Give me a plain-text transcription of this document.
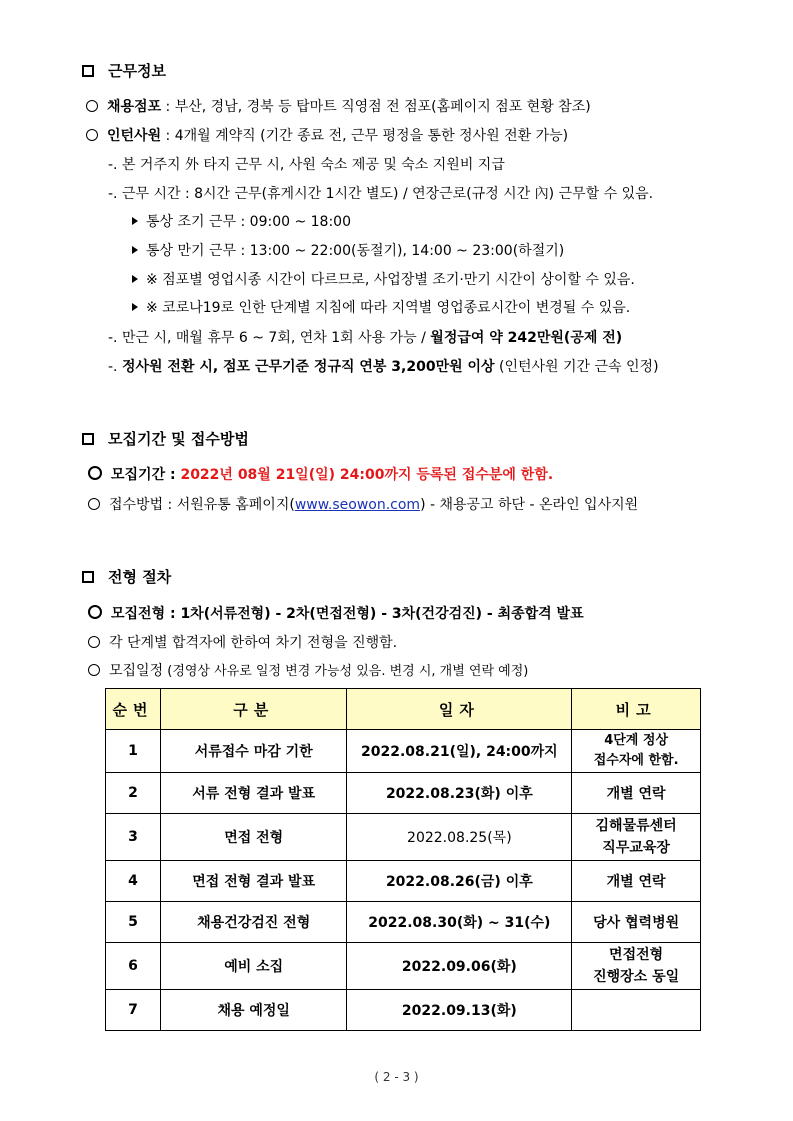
근무정보
채용점포 : 부산, 경남, 경북 등 탑마트 직영점 전 점포(홈페이지 점포 현황 참조)
인턴사원 : 4개월 계약직 (기간 종료 전, 근무 평정을 통한 정사원 전환 가능)
-. 본 거주지 外 타지 근무 시, 사원 숙소 제공 및 숙소 지원비 지급
-. 근무 시간 : 8시간 근무(휴게시간 1시간 별도) / 연장근로(규정 시간 內) 근무할 수 있음.
통상 조기 근무 : 09:00 ~ 18:00
통상 만기 근무 : 13:00 ~ 22:00(동절기), 14:00 ~ 23:00(하절기)
※ 점포별 영업시종 시간이 다르므로, 사업장별 조기·만기 시간이 상이할 수 있음.
※ 코로나19로 인한 단계별 지침에 따라 지역별 영업종료시간이 변경될 수 있음.
-. 만근 시, 매월 휴무 6 ~ 7회, 연차 1회 사용 가능 / 월정급여 약 242만원(공제 전)
-. 정사원 전환 시, 점포 근무기준 정규직 연봉 3,200만원 이상 (인턴사원 기간 근속 인정)
모집기간 및 접수방법
모집기간 : 2022년 08월 21일(일) 24:00까지 등록된 접수분에 한함.
접수방법 : 서원유통 홈페이지(www.seowon.com) - 채용공고 하단 - 온라인 입사지원
전형 절차
모집전형 : 1차(서류전형) - 2차(면접전형) - 3차(건강검진) - 최종합격 발표
각 단계별 합격자에 한하여 차기 전형을 진행함.
모집일정 (경영상 사유로 일정 변경 가능성 있음. 변경 시, 개별 연락 예정)
순번	구분	일자	비고
1	서류접수 마감 기한	2022.08.21(일), 24:00까지	4단계 정상
접수자에 한함.

2	서류 전형 결과 발표	2022.08.23(화) 이후	개별 연락
3	면접 전형	2022.08.25(목)	김해물류센터
직무교육장

4	면접 전형 결과 발표	2022.08.26(금) 이후	개별 연락
5	채용건강검진 전형	2022.08.30(화) ~ 31(수)	당사 협력병원
6	예비 소집	2022.09.06(화)	면접전형
진행장소 동일

7	채용 예정일	2022.09.13(화)	
( 2 - 3 )
